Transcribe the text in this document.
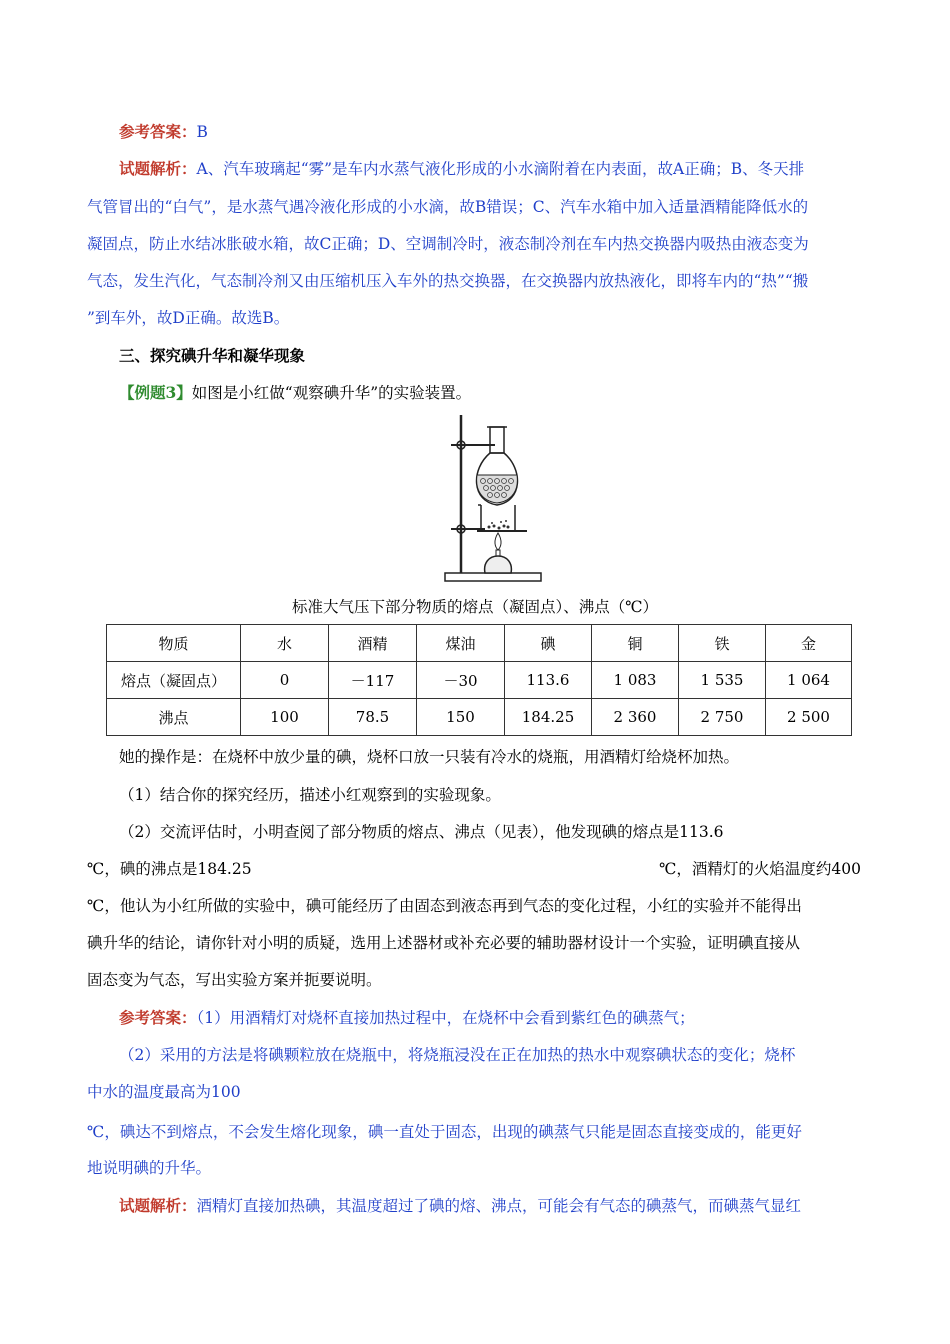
参考答案：B
试题解析：A、汽车玻璃起“雾”是车内水蒸气液化形成的小水滴附着在内表面，故A正确；B、冬天排
气管冒出的“白气”，是水蒸气遇冷液化形成的小水滴，故B错误；C、汽车水箱中加入适量酒精能降低水的
凝固点，防止水结冰胀破水箱，故C正确；D、空调制冷时，液态制冷剂在车内热交换器内吸热由液态变为
气态，发生汽化，气态制冷剂又由压缩机压入车外的热交换器，在交换器内放热液化，即将车内的“热”“搬
”到车外，故D正确。故选B。
三、探究碘升华和凝华现象
【例题3】如图是小红做“观察碘升华”的实验装置。
标准大气压下部分物质的熔点（凝固点）、沸点（℃）
物质	水	酒精	煤油	碘	铜	铁	金
熔点（凝固点）	0	－117	－30	113.6	1 083	1 535	1 064
沸点	100	78.5	150	184.25	2 360	2 750	2 500
她的操作是：在烧杯中放少量的碘，烧杯口放一只装有冷水的烧瓶，用酒精灯给烧杯加热。
（1）结合你的探究经历，描述小红观察到的实验现象。
（2）交流评估时，小明查阅了部分物质的熔点、沸点（见表），他发现碘的熔点是113.6
℃，碘的沸点是184.25	℃，酒精灯的火焰温度约400
℃，他认为小红所做的实验中，碘可能经历了由固态到液态再到气态的变化过程，小红的实验并不能得出
碘升华的结论，请你针对小明的质疑，选用上述器材或补充必要的辅助器材设计一个实验，证明碘直接从
固态变为气态，写出实验方案并扼要说明。
参考答案：（1）用酒精灯对烧杯直接加热过程中，在烧杯中会看到紫红色的碘蒸气；
（2）采用的方法是将碘颗粒放在烧瓶中，将烧瓶浸没在正在加热的热水中观察碘状态的变化；烧杯
中水的温度最高为100
℃，碘达不到熔点，不会发生熔化现象，碘一直处于固态，出现的碘蒸气只能是固态直接变成的，能更好
地说明碘的升华。
试题解析：酒精灯直接加热碘，其温度超过了碘的熔、沸点，可能会有气态的碘蒸气，而碘蒸气显红
